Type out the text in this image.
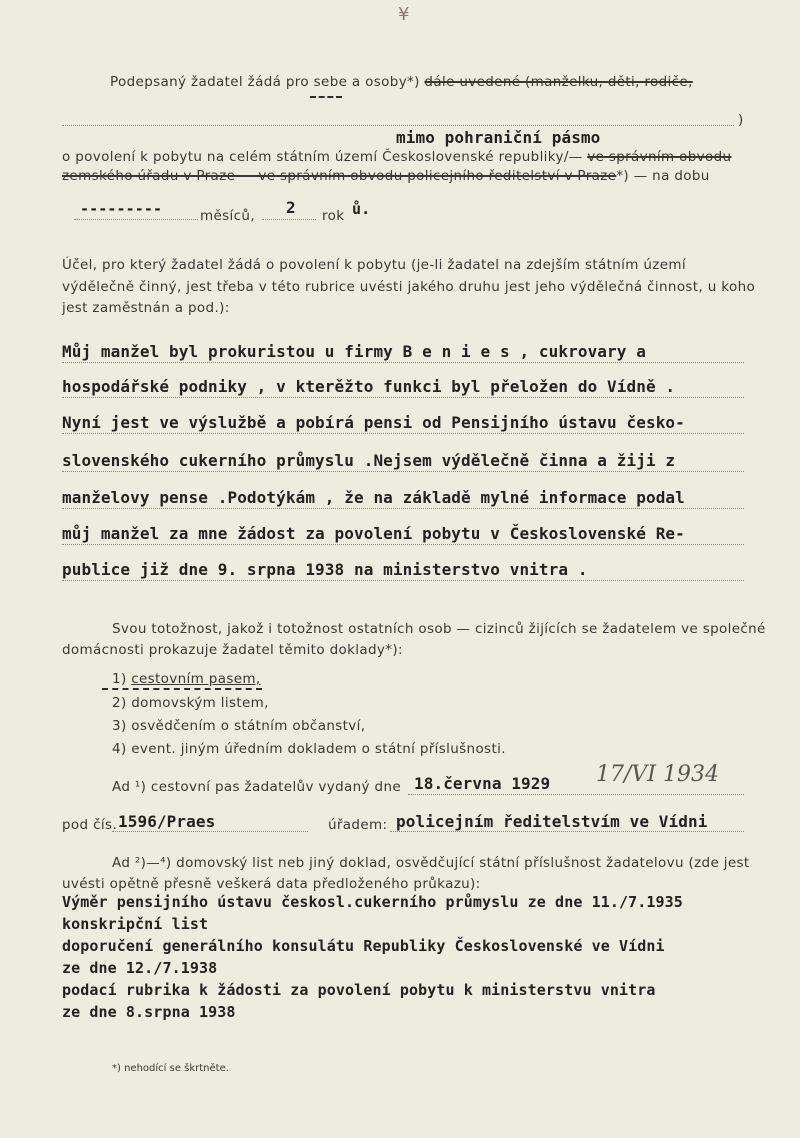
¥
Podepsaný žadatel žádá pro sebe a osoby*) dále uvedené (manželku, děti, rodiče,
)
mimo pohraniční pásmo
o povolení k pobytu na celém státním území Československé republiky/— ve správním obvodu
zemského úřadu v Praze — ve správním obvodu policejního ředitelství v Praze*) — na dobu
---------	měsíců, 2 rok ů.
Účel, pro který žadatel žádá o povolení k pobytu (je-li žadatel na zdejším státním území
výdělečně činný, jest třeba v této rubrice uvésti jakého druhu jest jeho výdělečná činnost, u koho
jest zaměstnán a pod.):
Můj manžel byl prokuristou u firmy B e n i e s , cukrovary a
hospodářské podniky , v kterěžto funkci byl přeložen do Vídně .
Nyní jest ve výslužbě a pobírá pensi od Pensijního ústavu česko-
slovenského cukerního průmyslu .Nejsem výdělečně činna a žiji z
manželovy pense .Podotýkám , že na základě mylné informace podal
můj manžel za mne žádost za povolení pobytu v Československé Re-
publice již dne 9. srpna 1938 na ministerstvo vnitra .
Svou totožnost, jakož i totožnost ostatních osob — cizinců žijících se žadatelem ve společné
domácnosti prokazuje žadatel těmito doklady*):
1) cestovním pasem,
2) domovským listem,
3) osvědčením o státním občanství,
4) event. jiným úředním dokladem o státní příslušnosti.
Ad ¹) cestovní pas žadatelův vydaný dne 18.června 1929 17/VI 1934
pod čís. 1596/Praes	úřadem: policejním ředitelstvím ve Vídni
Ad ²)—⁴) domovský list neb jiný doklad, osvědčující státní příslušnost žadatelovu (zde jest
uvésti opětně přesně veškerá data předloženého průkazu):
Výměr pensijního ústavu českosl.cukerního průmyslu ze dne 11./7.1935
konskripční list
doporučení generálního konsulátu Republiky Československé ve Vídni
ze dne 12./7.1938
podací rubrika k žádosti za povolení pobytu k ministerstvu vnitra
ze dne 8.srpna 1938
*) nehodící se škrtněte.
